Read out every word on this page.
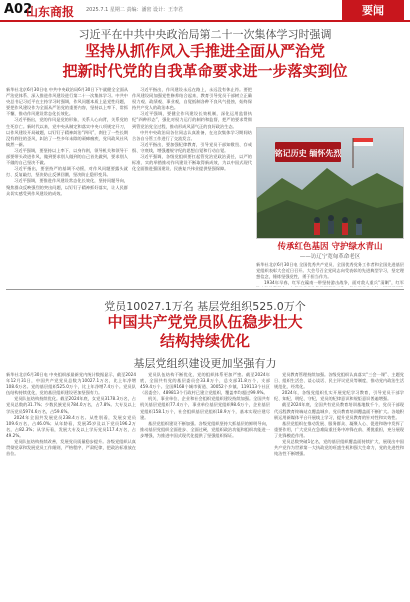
A02
山东商报 2025.7.1 星期二 责编：潘密 设计：王李君	要闻
习近平在中共中央政治局第二十一次集体学习时强调
坚持从抓作风入手推进全面从严治党
把新时代党的自我革命要求进一步落实到位

新华社北京6月30日电 中共中央政治局6月30日下午就健全全面从严治党体系、深入推进作风建设进行第二十一次集体学习。中共中央总书记习近平在主持学习时强调，作风问题本质上是党性问题，要把作风建设作为全面从严治党的重要内容，坚持以上率下、常抓不懈，推动作风建设常态化长效化。

习近平指出，党的作风是党的形象，关系人心向背，关系党的生死存亡。新时代以来，党中央从制定和落实中央八项规定开刀，以作风建设开局破题，以钉钉子精神纠治“四风”，刹住了一些长期没有刹住的歪风，纠治了一些多年未除的顽瘴痼疾，党风政风社风焕然一新。

习近平强调，要坚持以上率下、以身作则，领导机关和领导干部要带头改进作风，做到要求别人做到的自己首先做到，要求别人不做的自己坚决不做。

习近平指出，要坚持严的基调不动摇，对作风问题要露头就打、反复敲打，坚决防止反弹回潮，坚决防止隐形变异。

习近平强调，要推进作风建设常态化长效化，坚持问题导向，聚焦群众反映强烈的突出问题，以钉钉子精神抓好落实，让人民群众切实感受到作风建设的成效。

习近平指出，作风建设永远在路上，永远没有休止符。要把作风建设同加强党性修养结合起来，教育引导党员干部树立正确权力观、政绩观、事业观，自觉抵制各种不良风气侵蚀，始终保持共产党人的政治本色。

习近平强调，要健全作风建设长效机制，深化运用监督执纪“四种形态”，强化对权力运行的制约和监督，把严的要求贯彻到管党治党全过程，推动形成风清气正的良好政治生态。

中共中央政治局各位同志认真准备，在这次集体学习期间结合各自分管工作进行了交流发言。

习近平指出，要加强纪律教育，引导党员干部知敬畏、存戒惧、守底线，增强遵规守纪的思想自觉和行动自觉。

习近平强调，各级党组织要扛起管党治党政治责任，以严的标准、实的举措推动作风建设不断取得新成效，为以中国式现代化全面推进强国建设、民族复兴伟业提供坚强保障。

铭记历史 缅怀先烈
传承红色基因 守护绿水青山
——访辽宁宽甸革命老区

新华社北京6月30日电 全国优秀共产党员、全国优秀党务工作者和全国先进基层党组织表彰大会近日召开。大会号召全党同志向受表彰的先进典型学习，坚定理想信念，锤炼坚强党性，勇于担当作为。

1934年早春，红军在赣南一带坚持游击战争，面对敌人重兵“清剿”，红军

党员10027.1万名 基层党组织525.0万个
中国共产党党员队伍稳步壮大
结构持续优化
基层党组织建设更加坚强有力

新华社北京6月30日电 中央组织部最新党内统计数据显示，截至2024年12月31日，中国共产党党员总数为10027.1万名，比上年净增108.6万名。党的基层组织525.0万个，比上年净增7.4万个。党员队伍结构持续优化，党的基层组织建设更加坚强有力。

党员队伍结构持续优化。截至2024年底，女党员3178.3万名，占党员总数的31.7%；少数民族党员784.0万名，占7.8%。大专及以上学历党员5974.6万名，占59.6%。

2024年全国共发展党员238.4万名。从性别看，发展女党员109.6万名，占46.0%；从年龄看，发展35岁及以下党员196.2万名，占82.3%；从学历看，发展大专及以上学历党员117.4万名，占49.2%。

党员队伍结构持续改善，发展党员质量稳步提升。各级党组织认真贯彻党章和发展党员工作细则，严格程序、严肃纪律，把政治标准放在首位。

党员队伍结构不断优化，党的组织体系更加严密。截至2024年底，全国共有党的基层委员会33.8万个，总支部31.8万个，支部459.4万个。全国9168个城市街道、30052个乡镇、119113个社区（居委会）、489813个行政村已建立党组织，覆盖率均超过99.9%。

机关、事业单位、企业和社会组织党组织建设持续加强。全国共有机关基层党组织77.4万个，事业单位基层党组织98.6万个，企业基层党组织158.1万个，社会组织基层党组织18.9万个，基本实现应建尽建。

基层党组织建设不断加强。各级党组织坚持大抓基层的鲜明导向，推动基层党组织全面进步、全面过硬，党组织政治功能和组织功能进一步增强，为推进中国式现代化提供了坚强组织保证。

党员教育管理持续加强。各级党组织认真落实“三会一课”、主题党日、组织生活会、谈心谈话、民主评议党员等制度，推动党内政治生活规范化、经常化。

2024年，各级党组织扎实开展党纪学习教育，引导党员干部学纪、知纪、明纪、守纪，党员的纪律意识和规矩意识普遍增强。

截至2024年底，全国共有党员教育培训基地数千个，党员干部现代远程教育终端站点覆盖城乡，党员教育培训覆盖面不断扩大。各地积极运用新媒体平台开展线上学习，提升党员教育的针对性和实效性。

基层党组织在推动发展、服务群众、凝聚人心、促进和谐中发挥了重要作用，广大党员在急难险重任务中冲锋在前、勇挑重担，充分展现了先锋模范作用。

党员总数突破1亿名，党的基层组织覆盖面持续扩大，展现出中国共产党作为世界第一大执政党的旺盛生机和强大生命力，党的先进性和纯洁性不断增强。
